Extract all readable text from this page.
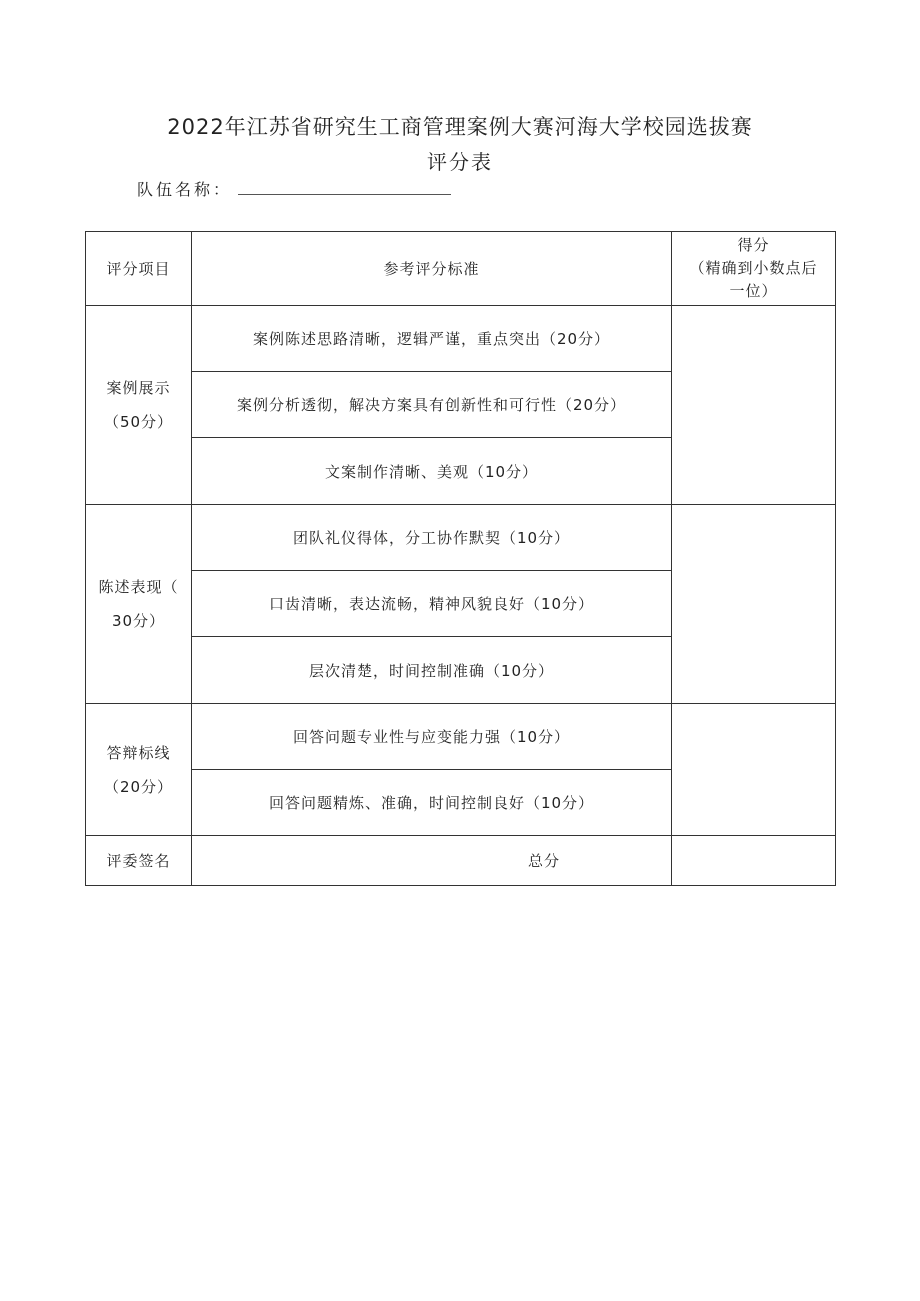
2022年江苏省研究生工商管理案例大赛河海大学校园选拔赛
评分表
队伍名称：
评分项目	参考评分标准	得分
（精确到小数点后
一位）

案例展示
（50分）	案例陈述思路清晰，逻辑严谨，重点突出（20分）	
	案例分析透彻，解决方案具有创新性和可行性（20分）	
	文案制作清晰、美观（10分）	

陈述表现（
30分）	团队礼仪得体，分工协作默契（10分）	
	口齿清晰，表达流畅，精神风貌良好（10分）	
	层次清楚，时间控制准确（10分）	

答辩标线
（20分）	回答问题专业性与应变能力强（10分）	
	回答问题精炼、准确，时间控制良好（10分）	
评委签名	总分	
